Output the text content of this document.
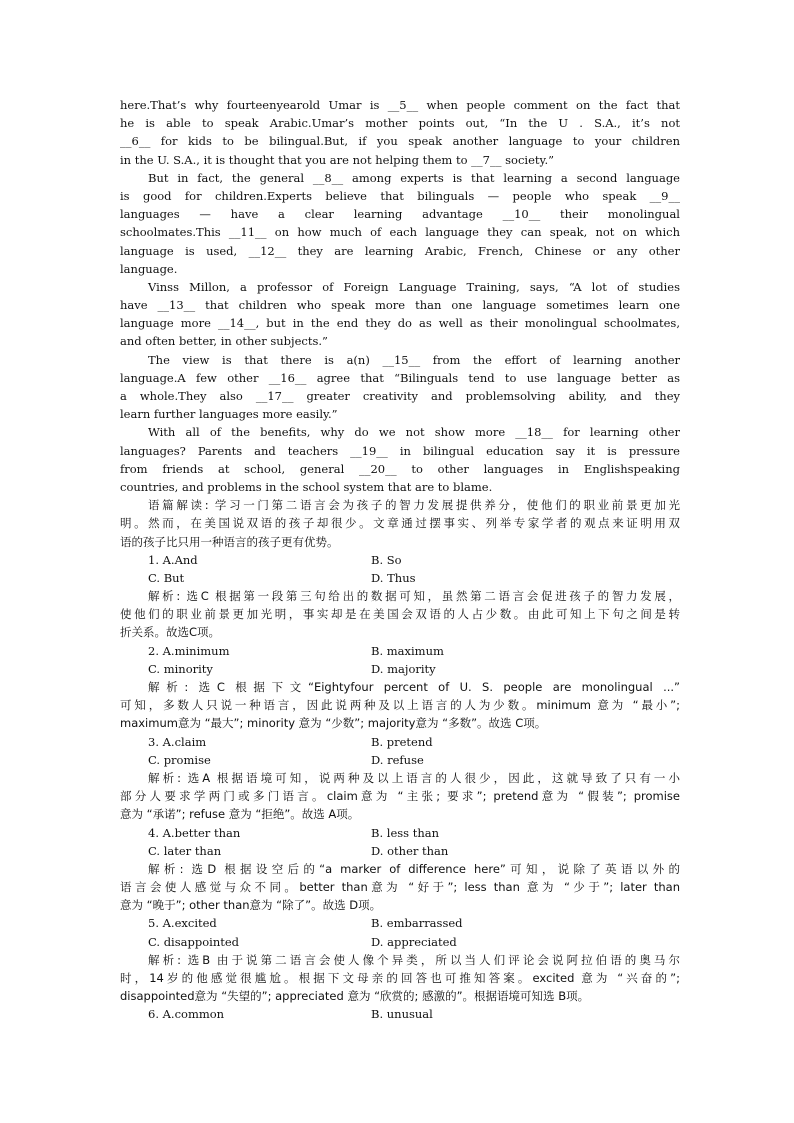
here.That’s why fourteenyearold Umar is __5__ when people comment on the fact that
he is able to speak Arabic.Umar’s mother points out, “In the U . S.A., it’s not
__6__ for kids to be bilingual.But, if you speak another language to your children
in the U. S.A., it is thought that you are not helping them to __7__ society.”
But in fact, the general __8__ among experts is that learning a second language
is good for children.Experts believe that bilinguals — people who speak __9__
languages — have a clear learning advantage __10__ their monolingual
schoolmates.This __11__ on how much of each language they can speak, not on which
language is used, __12__ they are learning Arabic, French, Chinese or any other
language.
Vinss Millon, a professor of Foreign Language Training, says, “A lot of studies
have __13__ that children who speak more than one language sometimes learn one
language more __14__, but in the end they do as well as their monolingual schoolmates,
and often better, in other subjects.”
The view is that there is a(n) __15__ from the effort of learning another
language.A few other __16__ agree that “Bilinguals tend to use language better as
a whole.They also __17__ greater creativity and problemsolving ability, and they
learn further languages more easily.”
With all of the benefits, why do we not show more __18__ for learning other
languages? Parents and teachers __19__ in bilingual education say it is pressure
from friends at school, general __20__ to other languages in Englishspeaking
countries, and problems in the school system that are to blame.
语篇解读: 学习一门第二语言会为孩子的智力发展提供养分，使他们的职业前景更加光
明。然而，在美国说双语的孩子却很少。文章通过摆事实、列举专家学者的观点来证明用双
语的孩子比只用一种语言的孩子更有优势。
1. A.And	B. So
C. But	D. Thus
解析: 选C 根据第一段第三句给出的数据可知，虽然第二语言会促进孩子的智力发展，
使他们的职业前景更加光明，事实却是在美国会双语的人占少数。由此可知上下句之间是转
折关系。故选C项。
2. A.minimum	B. maximum
C. minority	D. majority
解析: 选C 根据下文“Eightyfour percent of U. S. people are monolingual ...”
可知，多数人只说一种语言，因此说两种及以上语言的人为少数。minimum 意为 “最小”;
maximum意为 “最大”; minority 意为 “少数”; majority意为 “多数”。故选 C项。
3. A.claim	B. pretend
C. promise	D. refuse
解析: 选A 根据语境可知，说两种及以上语言的人很少，因此，这就导致了只有一小
部分人要求学两门或多门语言。claim意为 “主张; 要求”; pretend意为 “假装”; promise
意为 “承诺”; refuse 意为 “拒绝”。故选 A项。
4. A.better than	B. less than
C. later than	D. other than
解析: 选D 根据设空后的“a marker of difference here”可知，说除了英语以外的
语言会使人感觉与众不同。better than意为 “好于”; less than 意为 “少于”; later than
意为 “晚于”; other than意为 “除了”。故选 D项。
5. A.excited	B. embarrassed
C. disappointed	D. appreciated
解析: 选B 由于说第二语言会使人像个异类，所以当人们评论会说阿拉伯语的奥马尔
时，14岁的他感觉很尴尬。根据下文母亲的回答也可推知答案。excited 意为 “兴奋的”;
disappointed意为 “失望的”; appreciated 意为 “欣赏的; 感激的”。根据语境可知选 B项。
6. A.common	B. unusual
